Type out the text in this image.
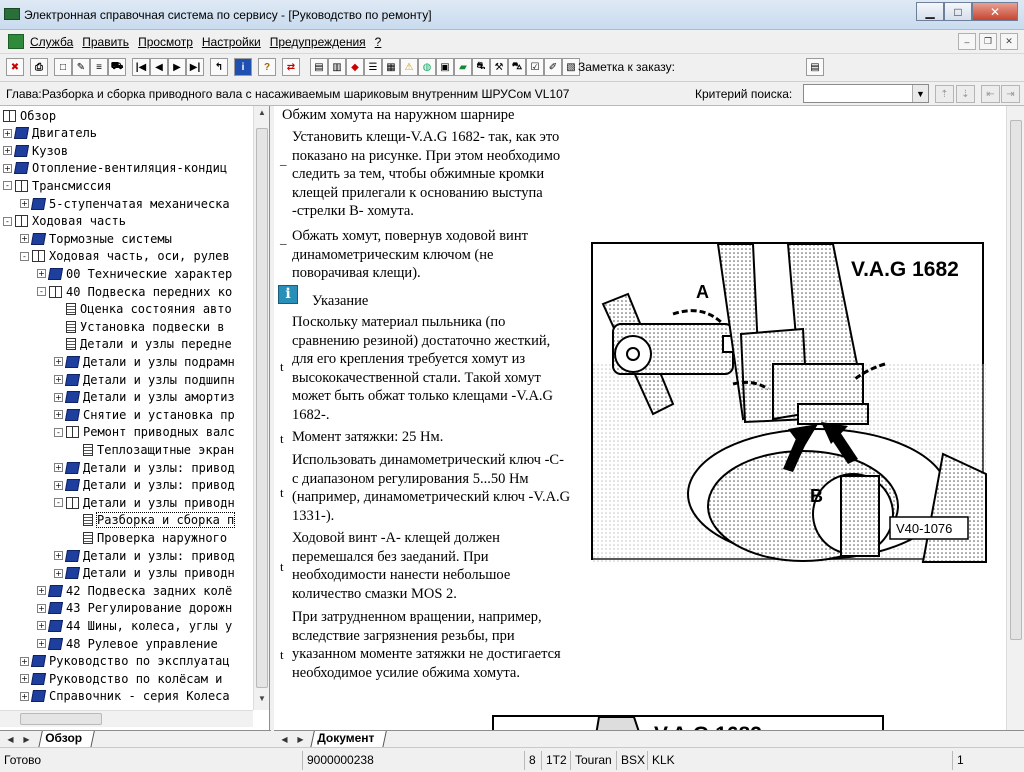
Электронная справочная система по сервису - [Руководство по ремонту]	▁	□	✕
Служба Править Просмотр Настройки Предупреждения ?	–	❐	✕
✖	⎙	□	✎	≡ ⛟	|◀ ◀	▶ ▶|	↰	i	?	⇄	▤ ▥ ◆ ☰ ▦ ⚠ ◍ ▣ ▰ ⛐ ⚒ ⛍ ☑ ✐ ▧ Заметка к заказу:	▤
Глава:Разборка и сборка приводного вала с насаживаемым шариковым внутренним ШРУСом VL107	Критерий поиска:	▼	⇡	⇣	⇤	⇥
Обзор
+ Двигатель
+ Кузов
+ Отопление-вентиляция-кондиц
- Трансмиссия
+ 5-ступенчатая механическа
- Ходовая часть
+ Тормозные системы
- Ходовая часть, оси, рулев
+ 00 Технические характер
- 40 Подвеска передних ко
Оценка состояния авто
Установка подвески в
Детали и узлы передне
+ Детали и узлы подрамн
+ Детали и узлы подшипн
+ Детали и узлы амортиз
+ Снятие и установка пр
- Ремонт приводных валс
Теплозащитные экран
+ Детали и узлы: привод
+ Детали и узлы: привод
- Детали и узлы приводн
Разборка и сборка п
Проверка наружного
+ Детали и узлы: привод
+ Детали и узлы приводн
+ 42 Подвеска задних колё
+ 43 Регулирование дорожн
+ 44 Шины, колеса, углы у
+ 48 Рулевое управление
+ Руководство по эксплуатац
+ Руководство по колёсам и
+ Справочник - серия Колеса
▲
▼
◀	▶	Обзор
Обжим хомута на наружном шарнире
_
Установить клещи-V.A.G 1682- так, как это показано на рисунке. При этом необходимо следить за тем, чтобы обжимные кромки клещей прилегали к основанию выступа -стрелки В- хомута.
_ Обжать хомут, повернув ходовой винт динамометрическим ключом (не поворачивая клещи).
i	Указание
t
Поскольку материал пыльника (по сравнению резиной) достаточно жесткий, для его крепления требуется хомут из высококачественной стали. Такой хомут может быть обжат только клещами -V.A.G 1682-.
t Момент затяжки: 25 Нм.
t
Использовать динамометрический ключ -C- с диапазоном регулирования 5...50 Нм (например, динамометрический ключ -V.A.G 1331-).
t
Ходовой винт -A- клещей должен перемешался без заеданий. При необходимости нанести небольшое количество смазки MOS 2.
t
При затрудненном вращении, например, вследствие загрязнения резьбы, при указанном моменте затяжки не достигается необходимое усилие обжима хомута.
V.A.G 1682
A
B
V40-1076
◀	▶	Документ
Готово	9000000238	8 1T2 Touran BSX KLK	1
